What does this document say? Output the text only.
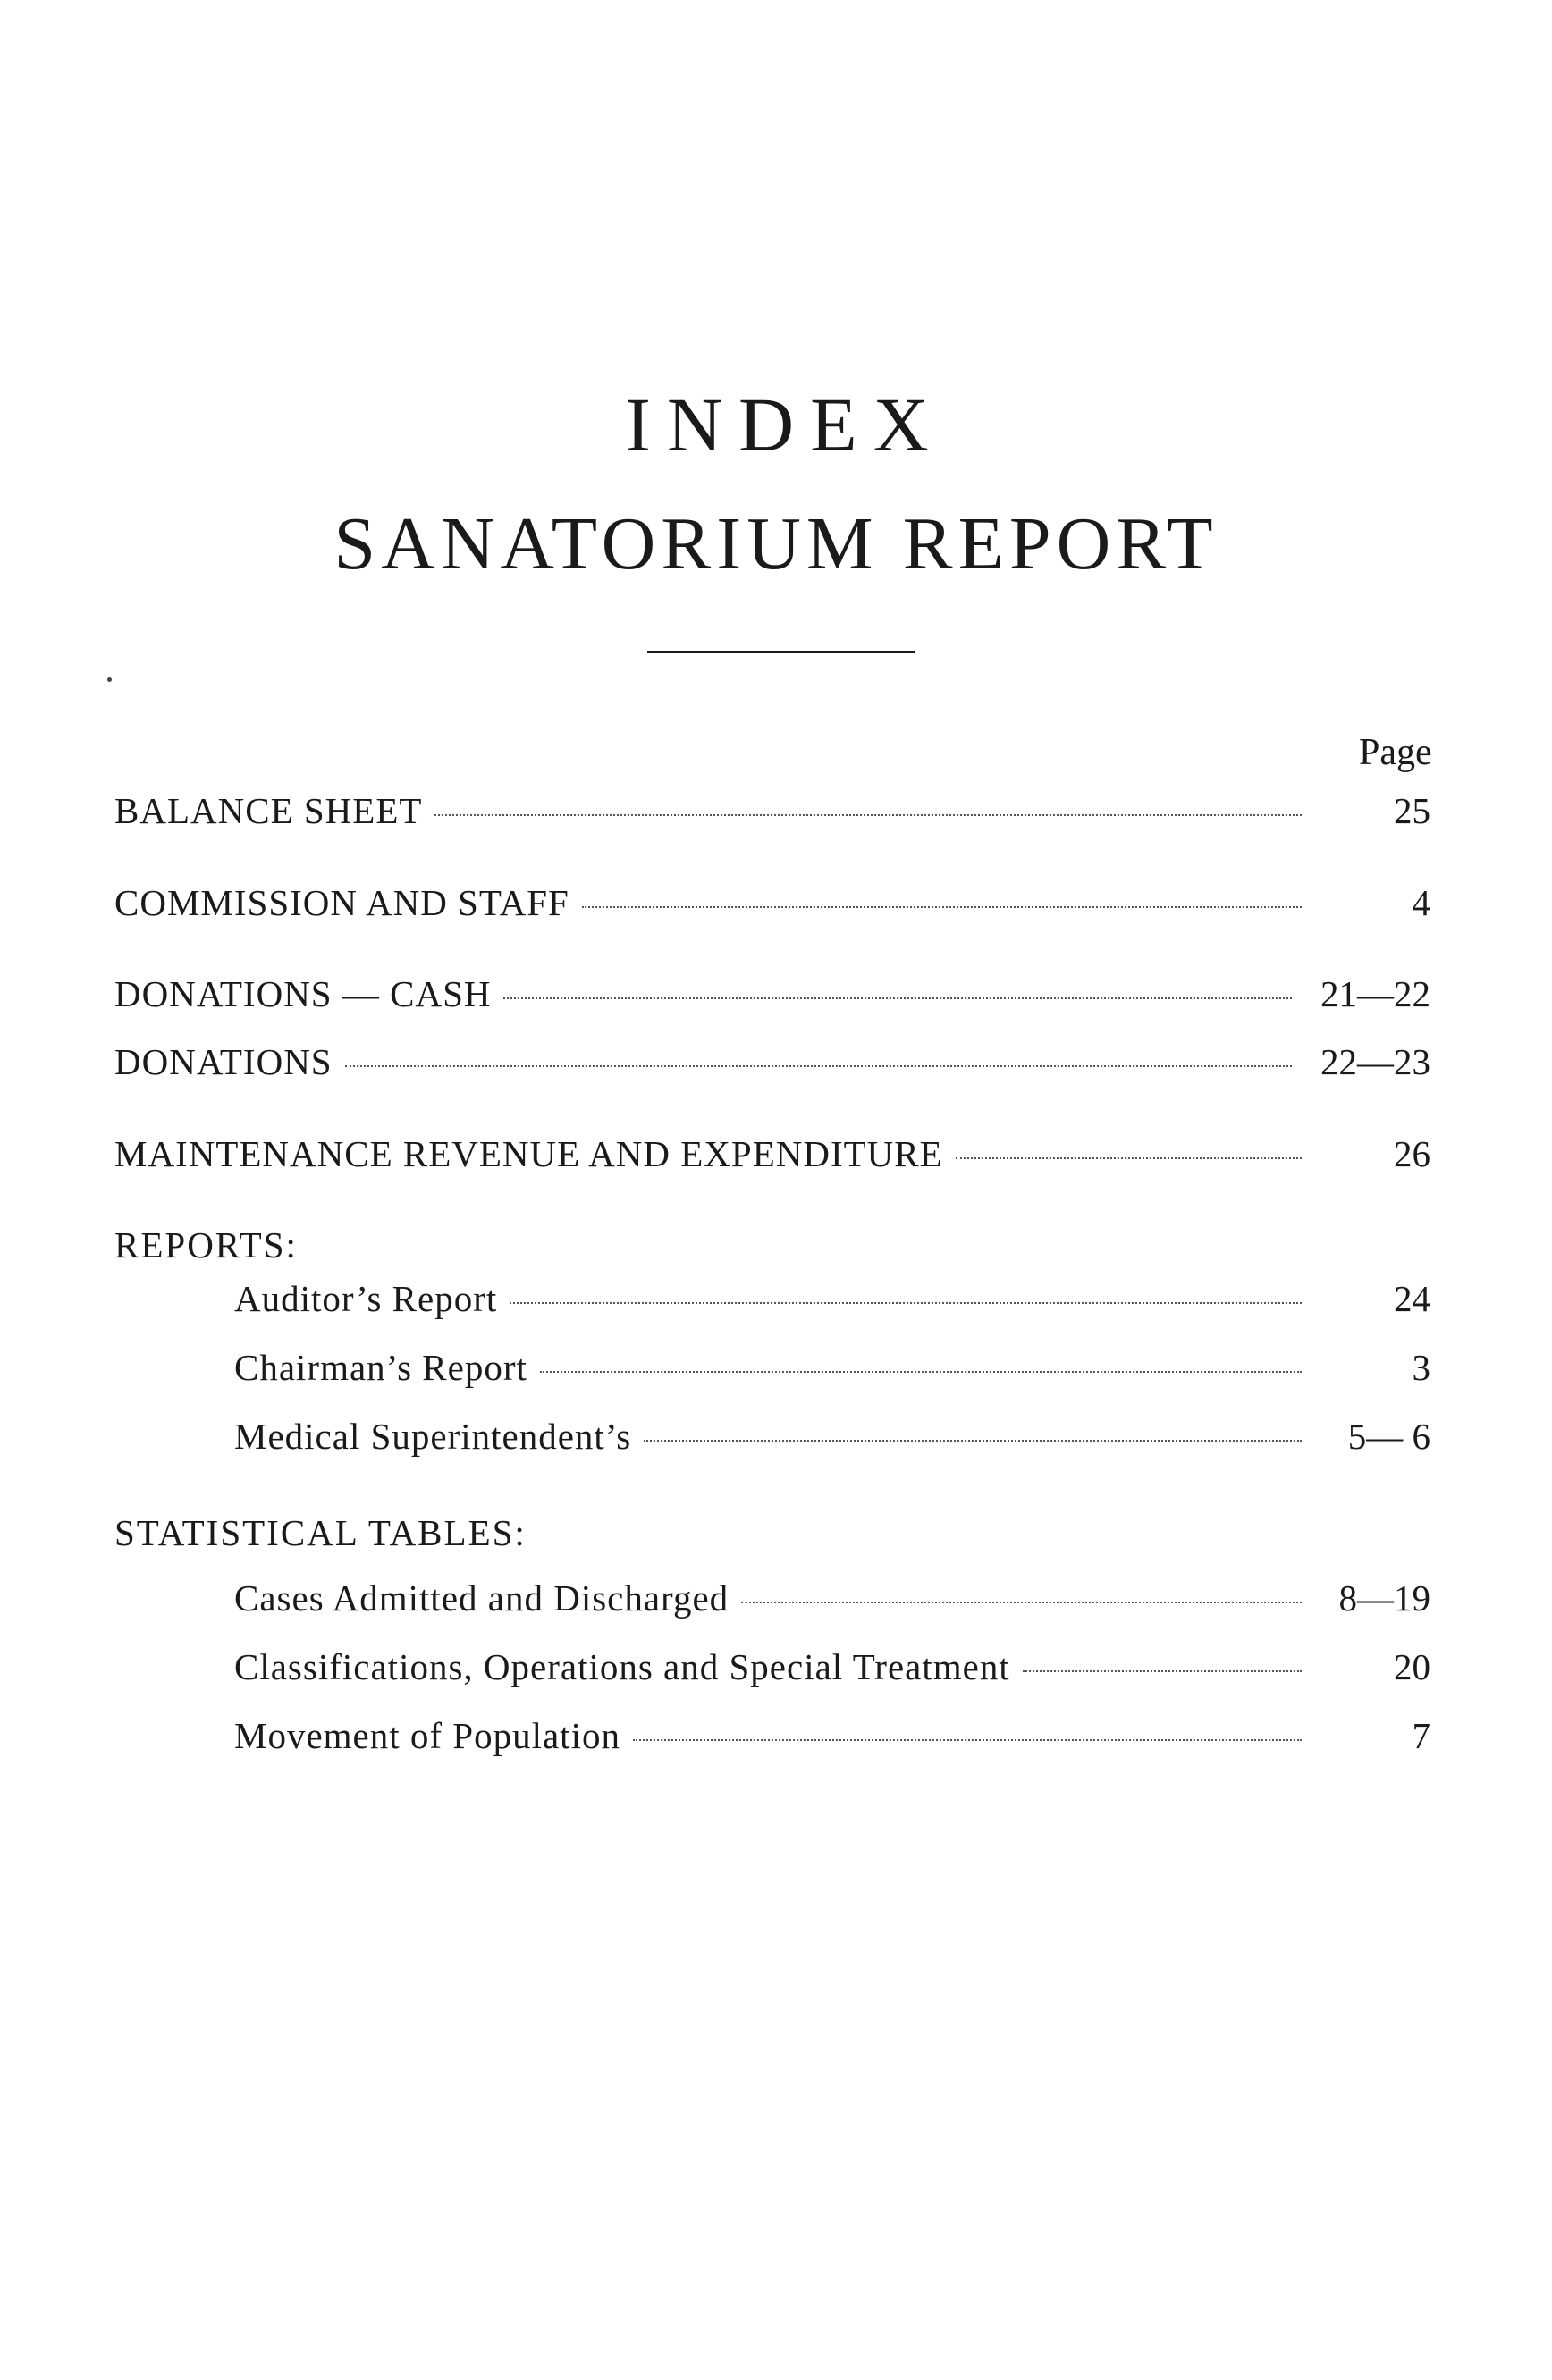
INDEX
SANATORIUM REPORT
Page
BALANCE SHEET	25
COMMISSION AND STAFF	4
DONATIONS — CASH	21—22
DONATIONS	22—23
MAINTENANCE REVENUE AND EXPENDITURE	26
REPORTS:
Auditor’s Report	24
Chairman’s Report	3
Medical Superintendent’s	5— 6
STATISTICAL TABLES:
Cases Admitted and Discharged	8—19
Classifications, Operations and Special Treatment	20
Movement of Population	7
